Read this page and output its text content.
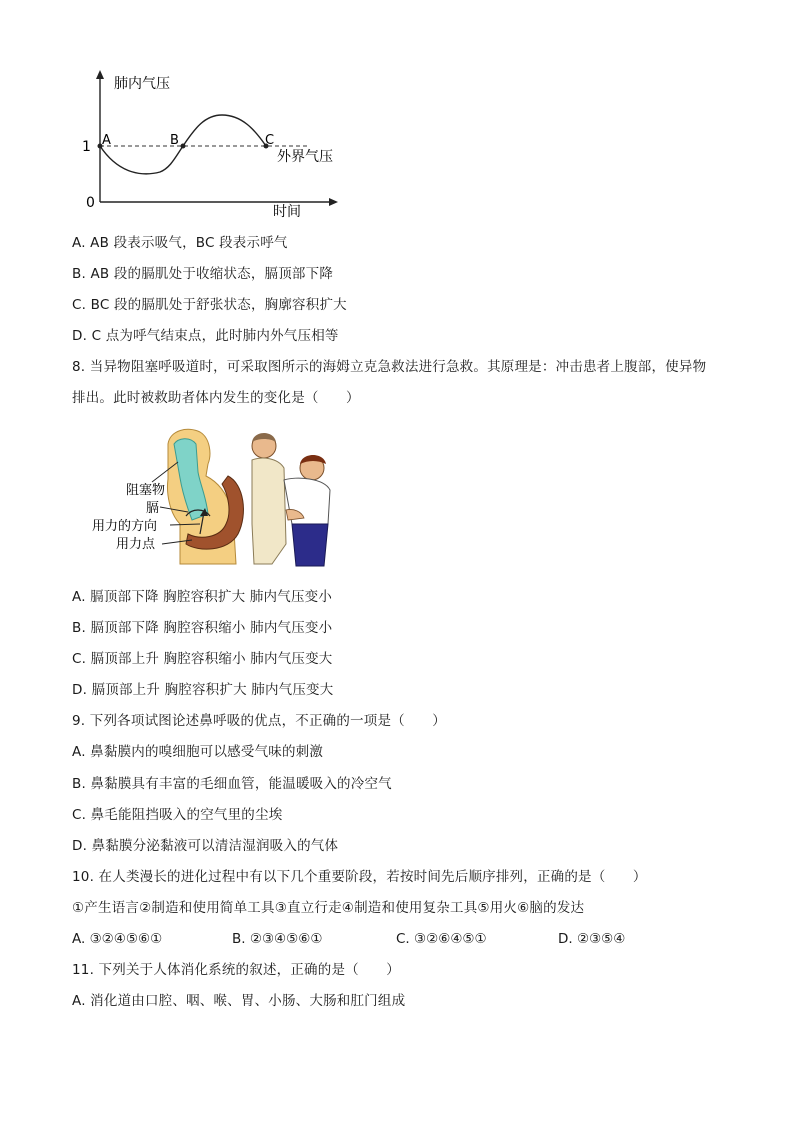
肺内气压
1
0
A	B	C
外界气压
时间
A. AB 段表示吸气，BC 段表示呼气
B. AB 段的膈肌处于收缩状态，膈顶部下降
C. BC 段的膈肌处于舒张状态，胸廓容积扩大
D. C 点为呼气结束点，此时肺内外气压相等
8. 当异物阻塞呼吸道时，可采取图所示的海姆立克急救法进行急救。其原理是：冲击患者上腹部，使异物
排出。此时被救助者体内发生的变化是（　　）
阻塞物
膈
用力的方向
用力点
A. 膈顶部下降 胸腔容积扩大 肺内气压变小
B. 膈顶部下降 胸腔容积缩小 肺内气压变小
C. 膈顶部上升 胸腔容积缩小 肺内气压变大
D. 膈顶部上升 胸腔容积扩大 肺内气压变大
9. 下列各项试图论述鼻呼吸的优点，不正确的一项是（　　）
A. 鼻黏膜内的嗅细胞可以感受气味的刺激
B. 鼻黏膜具有丰富的毛细血管，能温暖吸入的冷空气
C. 鼻毛能阻挡吸入的空气里的尘埃
D. 鼻黏膜分泌黏液可以清洁湿润吸入的气体
10. 在人类漫长的进化过程中有以下几个重要阶段，若按时间先后顺序排列，正确的是（　　）
①产生语言②制造和使用简单工具③直立行走④制造和使用复杂工具⑤用火⑥脑的发达
A. ③②④⑤⑥①	B. ②③④⑤⑥①	C. ③②⑥④⑤①	D. ②③⑤④
11. 下列关于人体消化系统的叙述，正确的是（　　）
A. 消化道由口腔、咽、喉、胃、小肠、大肠和肛门组成
